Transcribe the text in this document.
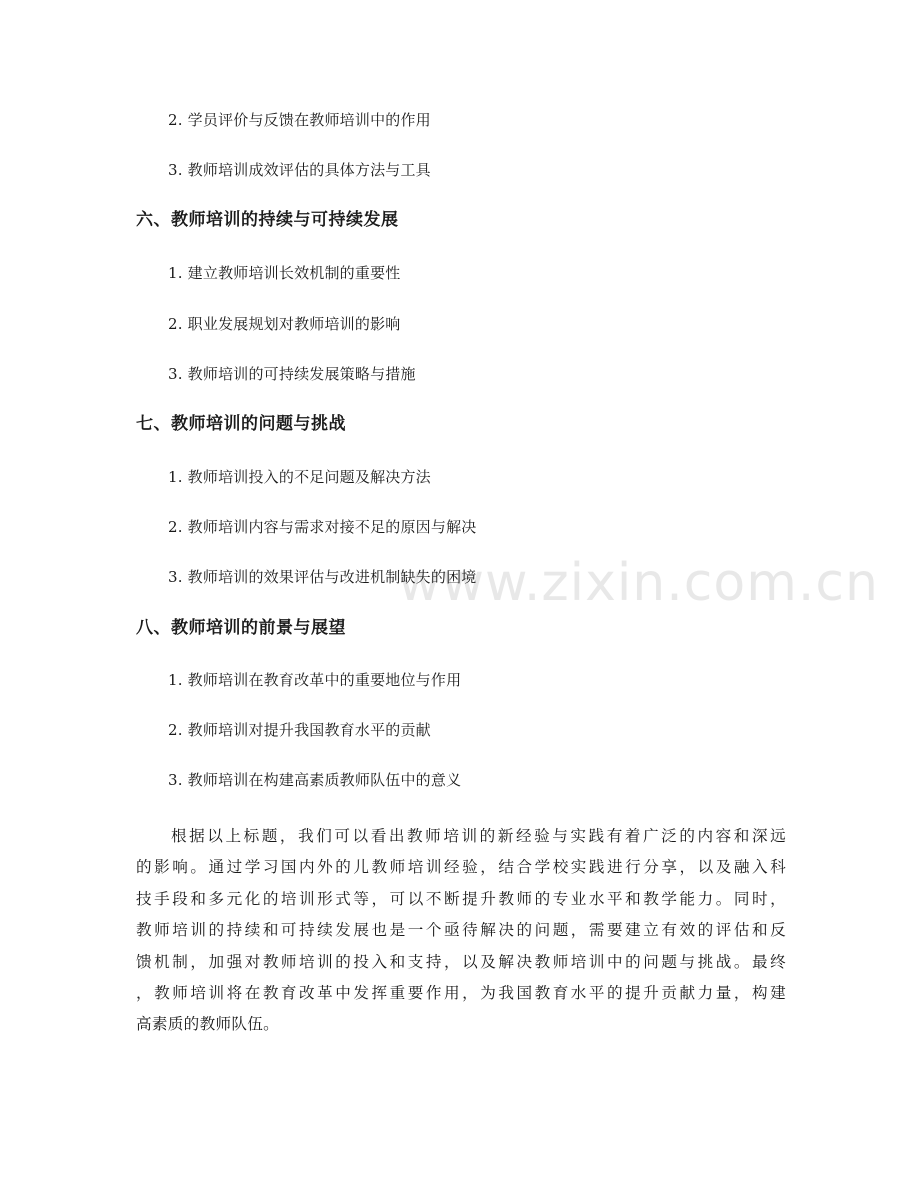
www.zixin.com.cn
2. 学员评价与反馈在教师培训中的作用
3. 教师培训成效评估的具体方法与工具
六、教师培训的持续与可持续发展
1. 建立教师培训长效机制的重要性
2. 职业发展规划对教师培训的影响
3. 教师培训的可持续发展策略与措施
七、教师培训的问题与挑战
1. 教师培训投入的不足问题及解决方法
2. 教师培训内容与需求对接不足的原因与解决
3. 教师培训的效果评估与改进机制缺失的困境
八、教师培训的前景与展望
1. 教师培训在教育改革中的重要地位与作用
2. 教师培训对提升我国教育水平的贡献
3. 教师培训在构建高素质教师队伍中的意义
根据以上标题，我们可以看出教师培训的新经验与实践有着广泛的内容和深远
的影响。通过学习国内外的儿教师培训经验，结合学校实践进行分享，以及融入科
技手段和多元化的培训形式等，可以不断提升教师的专业水平和教学能力。同时，
教师培训的持续和可持续发展也是一个亟待解决的问题，需要建立有效的评估和反
馈机制，加强对教师培训的投入和支持，以及解决教师培训中的问题与挑战。最终
，教师培训将在教育改革中发挥重要作用，为我国教育水平的提升贡献力量，构建
高素质的教师队伍。
